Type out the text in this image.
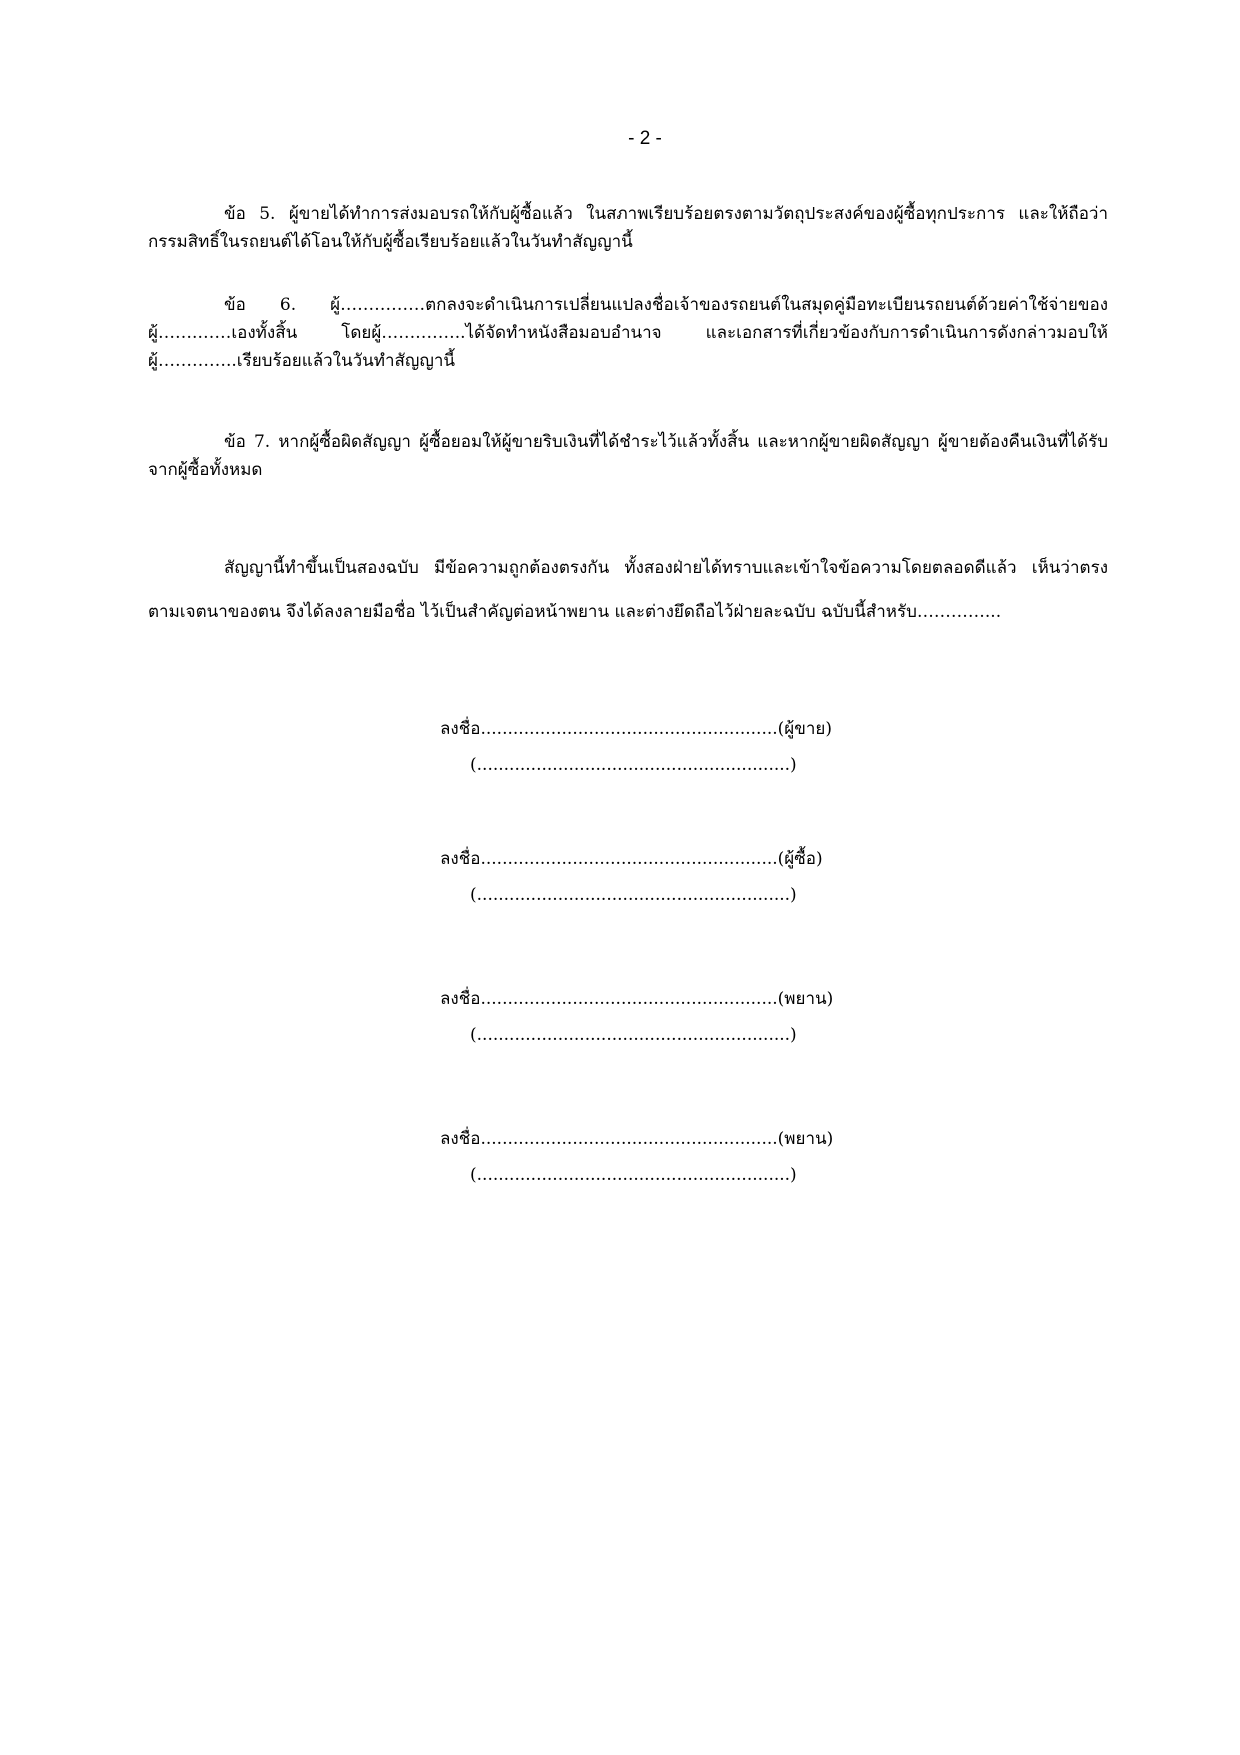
- 2 -

ข้อ 5. ผู้ขายได้ทำการส่งมอบรถให้กับผู้ซื้อแล้ว ในสภาพเรียบร้อยตรงตามวัตถุประสงค์ของผู้ซื้อทุกประการ และให้ถือว่ากรรมสิทธิ์ในรถยนต์ได้โอนให้กับผู้ซื้อเรียบร้อยแล้วในวันทำสัญญานี้

ข้อ 6. ผู้……………ตกลงจะดำเนินการเปลี่ยนแปลงชื่อเจ้าของรถยนต์ในสมุดคู่มือทะเบียนรถยนต์ด้วยค่าใช้จ่ายของผู้…….……เองทั้งสิ้น โดยผู้…….……..ได้จัดทำหนังสือมอบอำนาจ และเอกสารที่เกี่ยวข้องกับการดำเนินการดังกล่าวมอบให้ผู้…………..เรียบร้อยแล้วในวันทำสัญญานี้

ข้อ 7. หากผู้ซื้อผิดสัญญา ผู้ซื้อยอมให้ผู้ขายริบเงินที่ได้ชำระไว้แล้วทั้งสิ้น และหากผู้ขายผิดสัญญา ผู้ขายต้องคืนเงินที่ได้รับจากผู้ซื้อทั้งหมด

สัญญานี้ทำขึ้นเป็นสองฉบับ มีข้อความถูกต้องตรงกัน ทั้งสองฝ่ายได้ทราบและเข้าใจข้อความโดยตลอดดีแล้ว เห็นว่าตรงตามเจตนาของตน จึงได้ลงลายมือชื่อ ไว้เป็นสำคัญต่อหน้าพยาน และต่างยึดถือไว้ฝ่ายละฉบับ ฉบับนี้สำหรับ…………...

ลงชื่อ.......................................................(ผู้ขาย)
(..........................................................)
ลงชื่อ.......................................................(ผู้ซื้อ)
(..........................................................)
ลงชื่อ.......................................................(พยาน)
(..........................................................)
ลงชื่อ.......................................................(พยาน)
(..........................................................)
